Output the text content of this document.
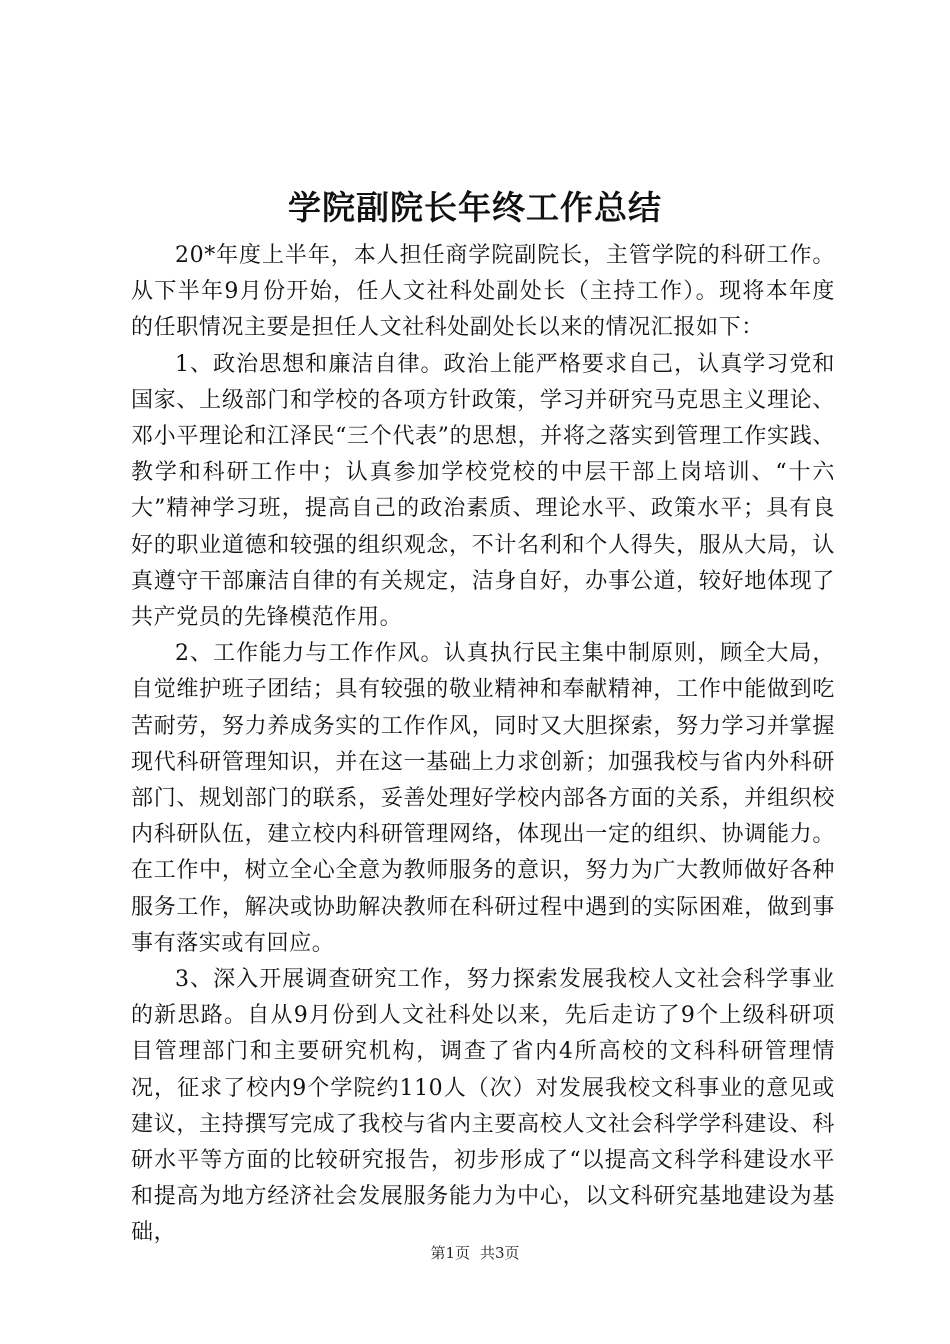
学院副院长年终工作总结

20*年度上半年，本人担任商学院副院长，主管学院的科研工作。从下半年9月份开始，任人文社科处副处长（主持工作）。现将本年度的任职情况主要是担任人文社科处副处长以来的情况汇报如下：

1、政治思想和廉洁自律。政治上能严格要求自己，认真学习党和国家、上级部门和学校的各项方针政策，学习并研究马克思主义理论、邓小平理论和江泽民“三个代表”的思想，并将之落实到管理工作实践、教学和科研工作中；认真参加学校党校的中层干部上岗培训、“十六大”精神学习班，提高自己的政治素质、理论水平、政策水平；具有良好的职业道德和较强的组织观念，不计名利和个人得失，服从大局，认真遵守干部廉洁自律的有关规定，洁身自好，办事公道，较好地体现了共产党员的先锋模范作用。

2、工作能力与工作作风。认真执行民主集中制原则，顾全大局，自觉维护班子团结；具有较强的敬业精神和奉献精神，工作中能做到吃苦耐劳，努力养成务实的工作作风，同时又大胆探索，努力学习并掌握现代科研管理知识，并在这一基础上力求创新；加强我校与省内外科研部门、规划部门的联系，妥善处理好学校内部各方面的关系，并组织校内科研队伍，建立校内科研管理网络，体现出一定的组织、协调能力。在工作中，树立全心全意为教师服务的意识，努力为广大教师做好各种服务工作，解决或协助解决教师在科研过程中遇到的实际困难，做到事事有落实或有回应。

3、深入开展调查研究工作，努力探索发展我校人文社会科学事业的新思路。自从9月份到人文社科处以来，先后走访了9个上级科研项目管理部门和主要研究机构，调查了省内4所高校的文科科研管理情况，征求了校内9个学院约110人（次）对发展我校文科事业的意见或建议，主持撰写完成了我校与省内主要高校人文社会科学学科建设、科研水平等方面的比较研究报告，初步形成了“以提高文科学科建设水平和提高为地方经济社会发展服务能力为中心，以文科研究基地建设为基础，

第1页 共3页
